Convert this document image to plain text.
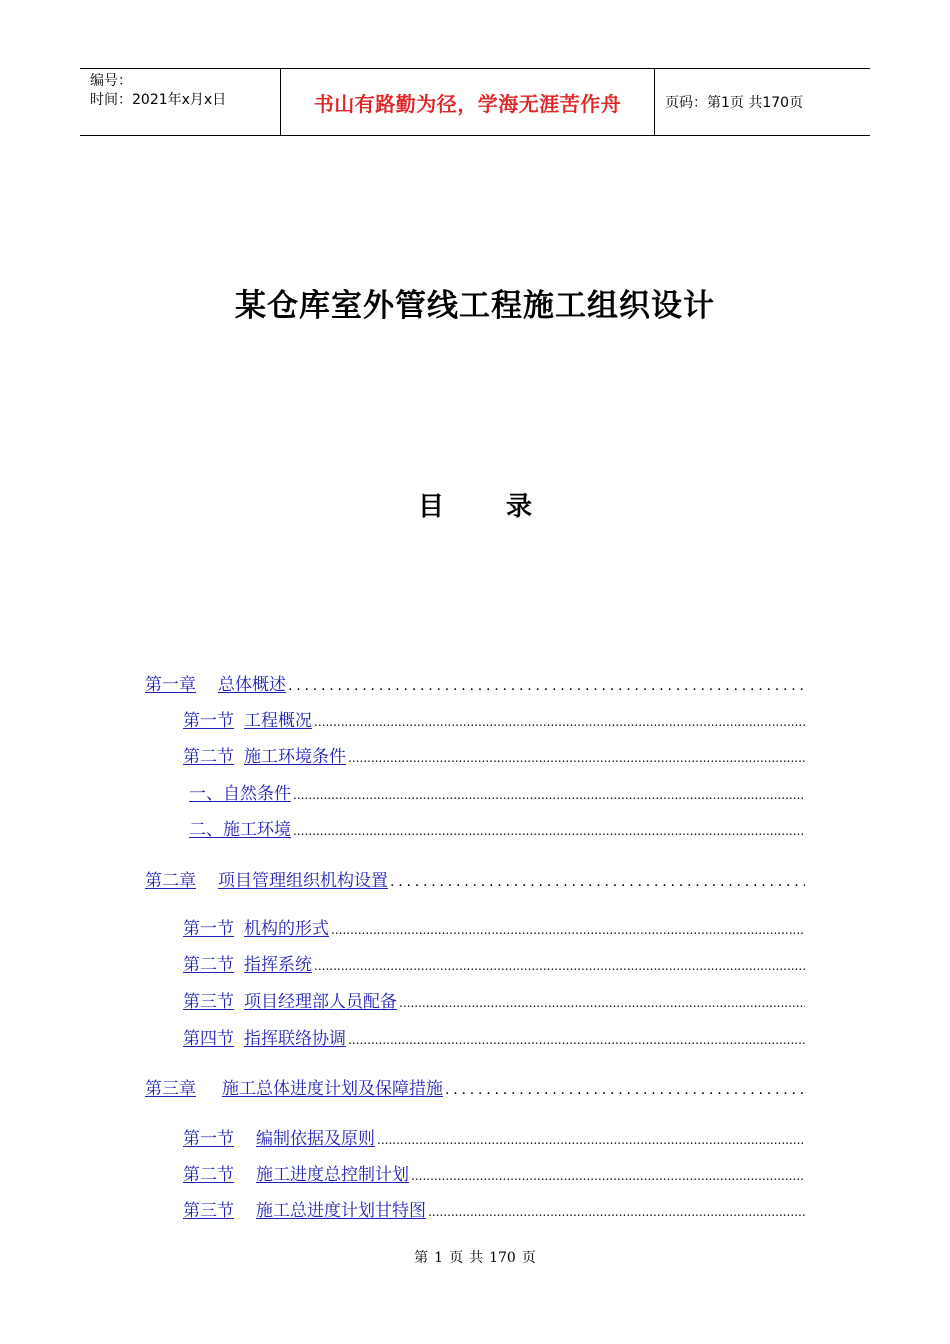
编号：
时间：2021年x月x日	书山有路勤为径，学海无涯苦作舟	页码：第1页 共170页
某仓库室外管线工程施工组织设计
目 录
第一章 总体概述
.....
第一节 工程概况
.....
第二节 施工环境条件
.....
一、自然条件
.....
二、施工环境
.....
第二章 项目管理组织机构设置
.....
第一节 机构的形式
.....
第二节 指挥系统
.....
第三节 项目经理部人员配备
.....
第四节 指挥联络协调
.....
第三章 施工总体进度计划及保障措施
.....
第一节 编制依据及原则
.....
第二节 施工进度总控制计划
.....
第三节 施工总进度计划甘特图
.....
第 1 页 共 170 页
